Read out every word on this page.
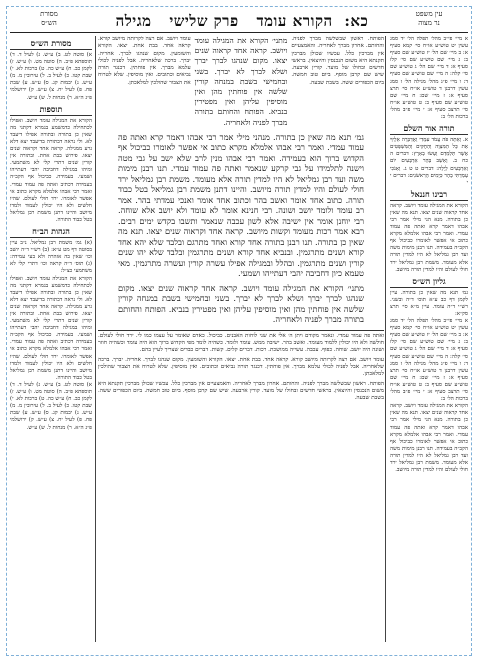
עין משפט
נר מצוה
כא: הקורא עומד פרק שלישי מגילה
מסורת
הש״ס

א מיי׳ פי״ב מהל׳ תפלה הל׳ יד סמג עשין יט טוש״ע או״ח סי׳ קמא סעיף א: ב מיי׳ שם הל׳ יז טוש״ע שם סעיף ב: ג מיי׳ שם טוש״ע שם סי׳ קלז סעיף א: ד מיי׳ שם הל׳ ג טוש״ע שם סי׳ קלה: ה מיי׳ שם טוש״ע שם סעיף ד: ו מיי׳ פ״ג מהל׳ מגילה הל׳ ז סמג עשין דרבנן ד טוש״ע או״ח סי׳ תרצ סעיף א: ז מיי׳ שם: ח מיי׳ שם טוש״ע שם סעיף ב: ט טוש״ע או״ח סי׳ תרצב סעיף א: י מיי׳ פ״ב מהל׳ ברכות הל׳ ב:

תורה אור השלם

א. וְאַתָּה פֹּה עֲמֹד עִמָּדִי וַאֲדַבְּרָה אֵלֶיךָ אֵת כָּל הַמִּצְוָה וְהַחֻקִּים וְהַמִּשְׁפָּטִים אֲשֶׁר תְּלַמְּדֵם וְעָשׂוּ בָאָרֶץ: דברים ה כח ב. וָאֵשֵׁב בָּהָר אַרְבָּעִים יוֹם וְאַרְבָּעִים לָיְלָה: דברים ט ט ג. וְאָנֹכִי עָמַדְתִּי בָהָר כַּיָּמִים הָרִאשֹׁנִים: דברים י י

רבינו חננאל

הקורא את המגילה עומד ויושב. קראה אחד קראוה שנים יצאו. תנא מה שאין כן בתורה. מנא הני מילי אמר רבי אבהו דאמר קרא ואתה פה עמוד עמדי. ואמר רבי אבהו אלמלא מקרא כתוב אי אפשר לאומרו כביכול אף הקב״ה בעמידה. תנו רבנן מימות משה ועד רבן גמליאל לא היו למדין תורה אלא מעומד. משמת רבן גמליאל ירד חולי לעולם והיו למדין תורה מיושב.

גליון הש״ס

גמ׳ תנא מה שאין כן בתורה. עיין לקמן דף כב ע״א תוס׳ ד״ה ובשני. רש״י ד״ה עומד. עיין מ״א סי׳ תרצ סק״א:

א מיי׳ פי״ב מהל׳ תפלה הל׳ יד סמג עשין יט טוש״ע או״ח סי׳ קמא סעיף א: ב מיי׳ שם הל׳ יז טוש״ע שם סעיף ב: ג מיי׳ שם טוש״ע שם סי׳ קלז סעיף א: ד מיי׳ שם הל׳ ג טוש״ע שם סי׳ קלה: ה מיי׳ שם טוש״ע שם סעיף ד: ו מיי׳ פ״ג מהל׳ מגילה הל׳ ז סמג עשין דרבנן ד טוש״ע או״ח סי׳ תרצ סעיף א: ז מיי׳ שם: ח מיי׳ שם טוש״ע שם סעיף ב: ט טוש״ע או״ח סי׳ תרצב סעיף א: י מיי׳ פ״ב מהל׳ ברכות הל׳ ב:

הקורא את המגילה עומד ויושב. קראה אחד קראוה שנים יצאו. תנא מה שאין כן בתורה. מנא הני מילי אמר רבי אבהו דאמר קרא ואתה פה עמוד עמדי. ואמר רבי אבהו אלמלא מקרא כתוב אי אפשר לאומרו כביכול אף הקב״ה בעמידה. תנו רבנן מימות משה ועד רבן גמליאל לא היו למדין תורה אלא מעומד. משמת רבן גמליאל ירד חולי לעולם והיו למדין תורה מיושב.

מסורת הש״ס

א) סוטה לט. ב) ע״ש. ג) לעיל ד. ד) תוספתא פ״ב. ה) סוטה מט. ו) ע״ש. ז) לקמן כב. ח) ע״ש כה. ט) ברכות לא. י) שבת קטו. כ) לעיל ב. ל) עירובין מ. מ) ע״ש. נ) יבמות קג. ס) ע״ש. ע) שבת פח. פ) לעיל יח. צ) ע״ש. ק) ירושלמי פ״ג ה״א. ר) מנחות ל. ש) ע״ש.

תוספות

הקורא את המגילה עומד ויושב. ואפילו לכתחילה כדמשמע בגמרא דקתני מה שאין כן בתורה ובתורה אפילו דיעבד לא. ולי נראה דבתורה בדיעבד יצא דלא גרע ממגילה. קראה אחד וקראוה שנים יצאו. פירוש בבת אחת. ובתורה אין קורין שנים דתרי קלי לא משתמעי. ומיהו במגילה דחביבה יהבי דעתייהו ושמעי. בעמידה. כביכול אף הקב״ה בעמידה דכתיב ואתה פה עמוד עמדי. ואמר רבי אבהו אלמלא מקרא כתוב אי אפשר לאומרו. ירד חולי לעולם. שהיו חלשים ולא היו יכולין לעמוד ולמדו מיושב והיינו דתנן משמת רבן גמליאל בטל כבוד התורה.

הגהות הב״ח

(א) גמ׳ משמת רבן גמליאל. נ״ב עיין בסוטה דף מט ע״א: (ב) רש״י ד״ה יושב וכו׳ שאין בה אזהרה ולא בעי עמידה: (ג) תוס׳ ד״ה קראה וכו׳ דתרי קלי לא משתמעי כצ״ל:

הקורא את המגילה עומד ויושב. ואפילו לכתחילה כדמשמע בגמרא דקתני מה שאין כן בתורה ובתורה אפילו דיעבד לא. ולי נראה דבתורה בדיעבד יצא דלא גרע ממגילה. קראה אחד וקראוה שנים יצאו. פירוש בבת אחת. ובתורה אין קורין שנים דתרי קלי לא משתמעי. ומיהו במגילה דחביבה יהבי דעתייהו ושמעי. בעמידה. כביכול אף הקב״ה בעמידה דכתיב ואתה פה עמוד עמדי. ואמר רבי אבהו אלמלא מקרא כתוב אי אפשר לאומרו. ירד חולי לעולם. שהיו חלשים ולא היו יכולין לעמוד ולמדו מיושב והיינו דתנן משמת רבן גמליאל בטל כבוד התורה.

א) סוטה לט. ב) ע״ש. ג) לעיל ד. ד) תוספתא פ״ב. ה) סוטה מט. ו) ע״ש. ז) לקמן כב. ח) ע״ש כה. ט) ברכות לא. י) שבת קטו. כ) לעיל ב. ל) עירובין מ. מ) ע״ש. נ) יבמות קג. ס) ע״ש. ע) שבת פח. פ) לעיל יח. צ) ע״ש. ק) ירושלמי פ״ג ה״א. ר) מנחות ל. ש) ע״ש.

הפותח. ראשון שבשלשה מברך לפניה. והחותם. אחרון מברך לאחריה. והאמצעיים אין מברכין כלל. עכשיו שכולן מברכין תקנתא היא משום הנכנסין והיוצאין. בראשי חדשים ובחולו של מועד. קורין ארבעה. שיש שם קרבן מוסף. ביום טוב חמשה. ביום הכפורים ששה. בשבת שבעה.

מתני׳ הקורא את המגילה עומד ויושב. קראה אחד קראוה שנים יצאו. מקום שנהגו לברך יברך ושלא לברך לא יברך. בשני ובחמישי בשבת במנחה קורין שלשה אין פוחתין מהן ואין מוסיפין עליהן ואין מפטירין בנביא. הפותח והחותם בתורה מברך לפניה ולאחריה.

עומד ויושב. אם רצה לקרותה מיושב קורא. קראה אחד. בבת אחת. יצאו. הקורא והשומעין. מקום שנהגו לברך. אחריה. יברך. ברכה שלאחריה. אבל לפניה לכולי עלמא מברך. אין פוחתין. דכנגד תורה נביאים וכתובים. ואין מוסיפין. שלא לטרוח את הצבור שהולכין למלאכתן.

גמ׳ תנא מה שאין כן בתורה. מנהני מילי אמר רבי אבהו דאמר קרא ואתה פה עמוד עמדי. ואמר רבי אבהו אלמלא מקרא כתוב אי אפשר לאומרו כביכול אף הקדוש ברוך הוא בעמידה. ואמר רבי אבהו מנין לרב שלא ישב על גבי מטה וישנה לתלמידו על גבי קרקע שנאמר ואתה פה עמוד עמדי. תנו רבנן מימות משה ועד רבן גמליאל לא היו למדין תורה אלא מעומד. משמת רבן גמליאל ירד חולי לעולם והיו למדין תורה מיושב. והיינו דתנן משמת רבן גמליאל בטל כבוד תורה. כתוב אחד אומר ואשב בהר וכתוב אחד אומר ואנכי עמדתי בהר. אמר רב עומד ולומד יושב ושונה. רבי חנינא אומר לא עומד ולא יושב אלא שוחה. רבי יוחנן אומר אין ישיבה אלא לשון עכבה שנאמר ותשבו בקדש ימים רבים. רבא אמר רכות מעומד וקשות מיושב. קראה אחד וקראוה שנים יצאו. תנא מה שאין כן בתורה. תנו רבנן בתורה אחד קורא ואחד מתרגם ובלבד שלא יהא אחד קורא ושנים מתרגמין. ובנביא אחד קורא ושנים מתרגמין ובלבד שלא יהו שנים קורין ושנים מתרגמין. ובהלל ובמגילה אפילו עשרה קורין ועשרה מתרגמין. מאי טעמא כיון דחביבה יהבי דעתייהו ושמעי.

מתני׳ הקורא את המגילה עומד ויושב. קראה אחד קראוה שנים יצאו. מקום שנהגו לברך יברך ושלא לברך לא יברך. בשני ובחמישי בשבת במנחה קורין שלשה אין פוחתין מהן ואין מוסיפין עליהן ואין מפטירין בנביא. הפותח והחותם בתורה מברך לפניה ולאחריה.

ואתה פה עמוד עמדי. ונאמר מקודם ויתן ה׳ אלי את שני לוחות האבנים. כביכול. כאדם שאומר על עצמו כמו לי. ירד חולי לעולם. חולשה ולא היו יכולין ללמוד מעומד. ואשב בהר. ישיבה ממש. עומד ולומד. כשהיה לומד מפי הקדוש ברוך הוא היה עומד וכשהיה חוזר ושונה היה יושב. שוחה. כפוף. עכבה. עשייה ממושכת. רכות. דברים קלים. קשות. דברים כבדים שצריך לעיין בהם.

עומד ויושב. אם רצה לקרותה מיושב קורא. קראה אחד. בבת אחת. יצאו. הקורא והשומעין. מקום שנהגו לברך. אחריה. יברך. ברכה שלאחריה. אבל לפניה לכולי עלמא מברך. אין פוחתין. דכנגד תורה נביאים וכתובים. ואין מוסיפין. שלא לטרוח את הצבור שהולכין למלאכתן.

הפותח. ראשון שבשלשה מברך לפניה. והחותם. אחרון מברך לאחריה. והאמצעיים אין מברכין כלל. עכשיו שכולן מברכין תקנתא היא משום הנכנסין והיוצאין. בראשי חדשים ובחולו של מועד. קורין ארבעה. שיש שם קרבן מוסף. ביום טוב חמשה. ביום הכפורים ששה. בשבת שבעה.
